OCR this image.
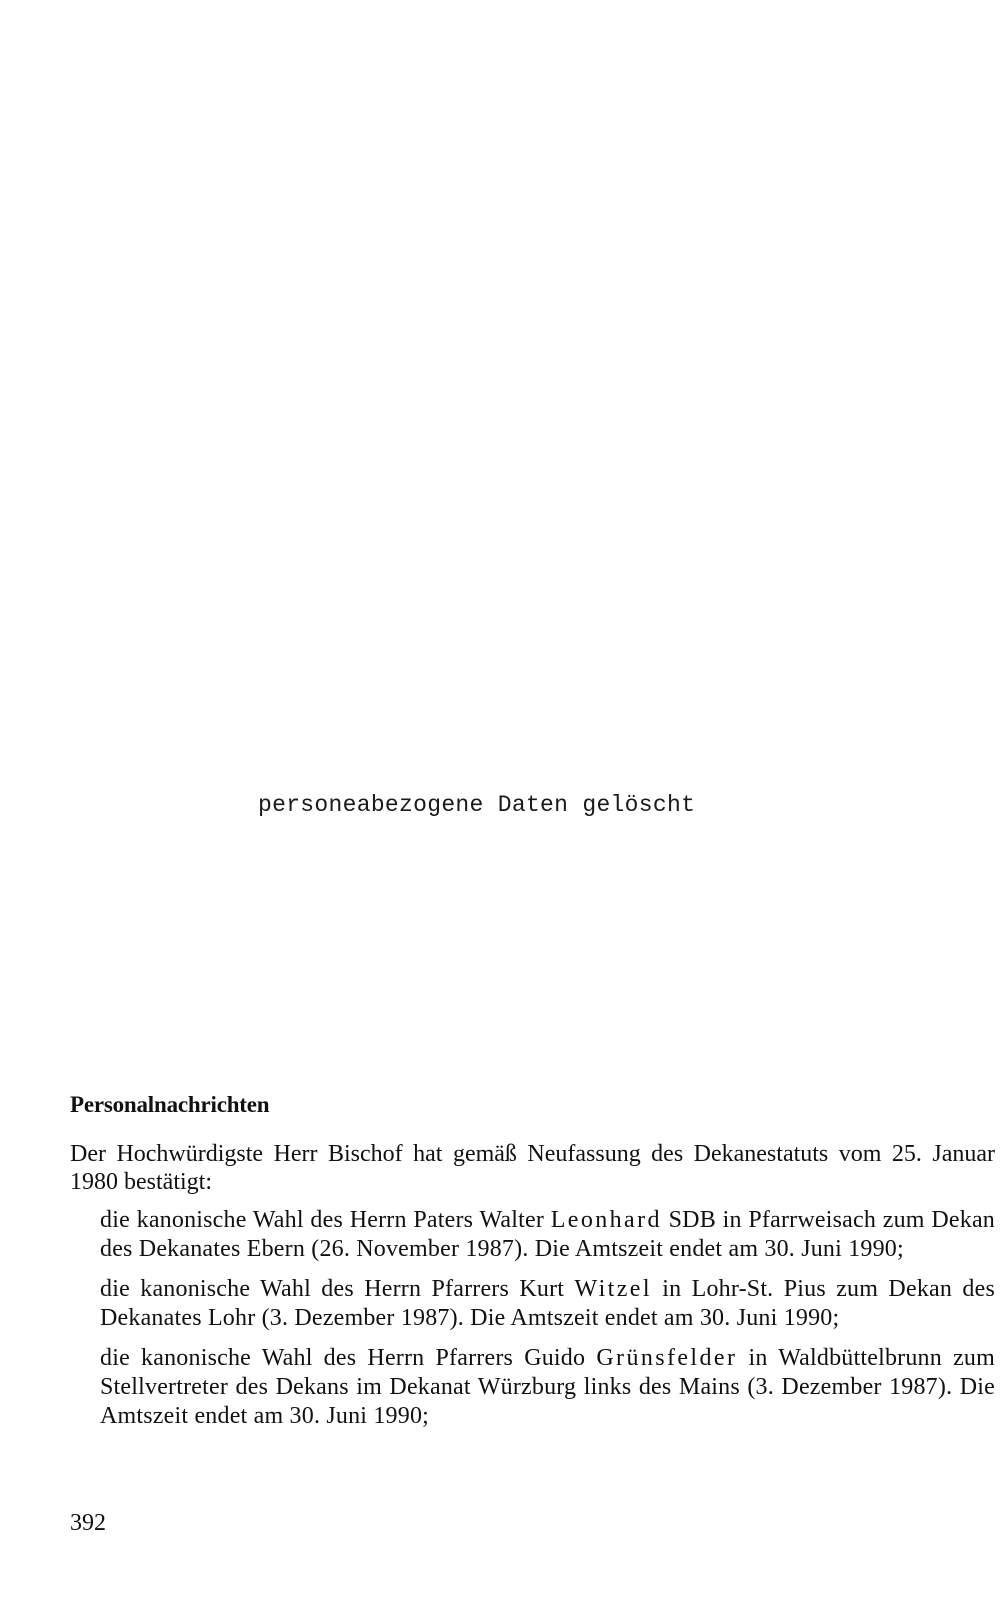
personeabezogene Daten gelöscht
Personalnachrichten

Der Hochwürdigste Herr Bischof hat gemäß Neufassung des Dekanestatuts vom 25. Januar 1980 bestätigt:

die kanonische Wahl des Herrn Paters Walter Leonhard SDB in Pfarrweisach zum Dekan des Dekanates Ebern (26. November 1987). Die Amtszeit endet am 30. Juni 1990;

die kanonische Wahl des Herrn Pfarrers Kurt Witzel in Lohr-St. Pius zum Dekan des Dekanates Lohr (3. Dezember 1987). Die Amtszeit endet am 30. Juni 1990;

die kanonische Wahl des Herrn Pfarrers Guido Grünsfelder in Waldbüttelbrunn zum Stellvertreter des Dekans im Dekanat Würzburg links des Mains (3. Dezember 1987). Die Amtszeit endet am 30. Juni 1990;

392
